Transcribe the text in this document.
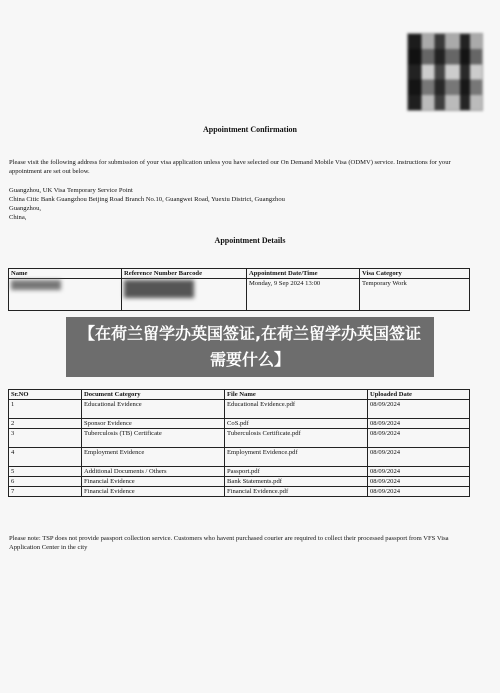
Appointment Confirmation
Please visit the following address for submission of your visa application unless you have selected our On Demand Mobile Visa (ODMV) service. Instructions for your appointment are set out below.
Guangzhou, UK Visa Temporary Service Point
China Citic Bank Guangzhou Beijing Road Branch No.10, Guangwei Road, Yuexiu District, Guangzhou
Guangzhou,
China,
Appointment Details
Name	Reference Number Barcode	Appointment Date/Time	Visa Category
		Monday, 9 Sep 2024 13:00	Temporary Work
Sr.NO	Document Category	File Name	Uploaded Date
1	Educational Evidence	Educational Evidence.pdf	08/09/2024
2	Sponsor Evidence	CoS.pdf	08/09/2024
3	Tuberculosis (TB) Certificate	Tuberculosis Certificate.pdf	08/09/2024
4	Employment Evidence	Employment Evidence.pdf	08/09/2024
5	Additional Documents / Others	Passport.pdf	08/09/2024
6	Financial Evidence	Bank Statements.pdf	08/09/2024
7	Financial Evidence	Financial Evidence.pdf	08/09/2024
Please note: TSP does not provide passport collection service. Customers who havent purchased courier are required to collect their processed passport from VFS Visa Application Center in the city
【在荷兰留学办英国签证,在荷兰留学办英国签证需要什么】
